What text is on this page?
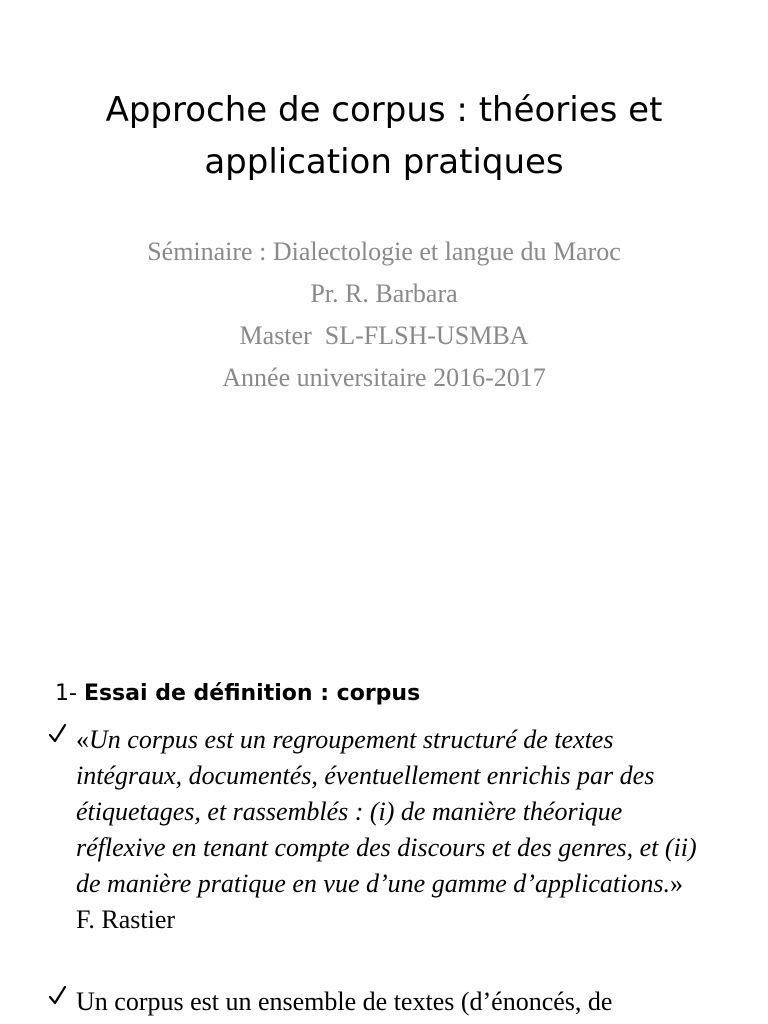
Approche de corpus : théories et application pratiques
Séminaire : Dialectologie et langue du Maroc
Pr. R. Barbara
Master  SL-FLSH-USMBA
Année universitaire 2016-2017
1- Essai de définition : corpus
«Un corpus est un regroupement structuré de textes intégraux, documentés, éventuellement enrichis par des étiquetages, et rassemblés : (i) de manière théorique réflexive en tenant compte des discours et des genres, et (ii) de manière pratique en vue d’une gamme d’applications.» F. Rastier
Un corpus est un ensemble de textes (d’énoncés, de
